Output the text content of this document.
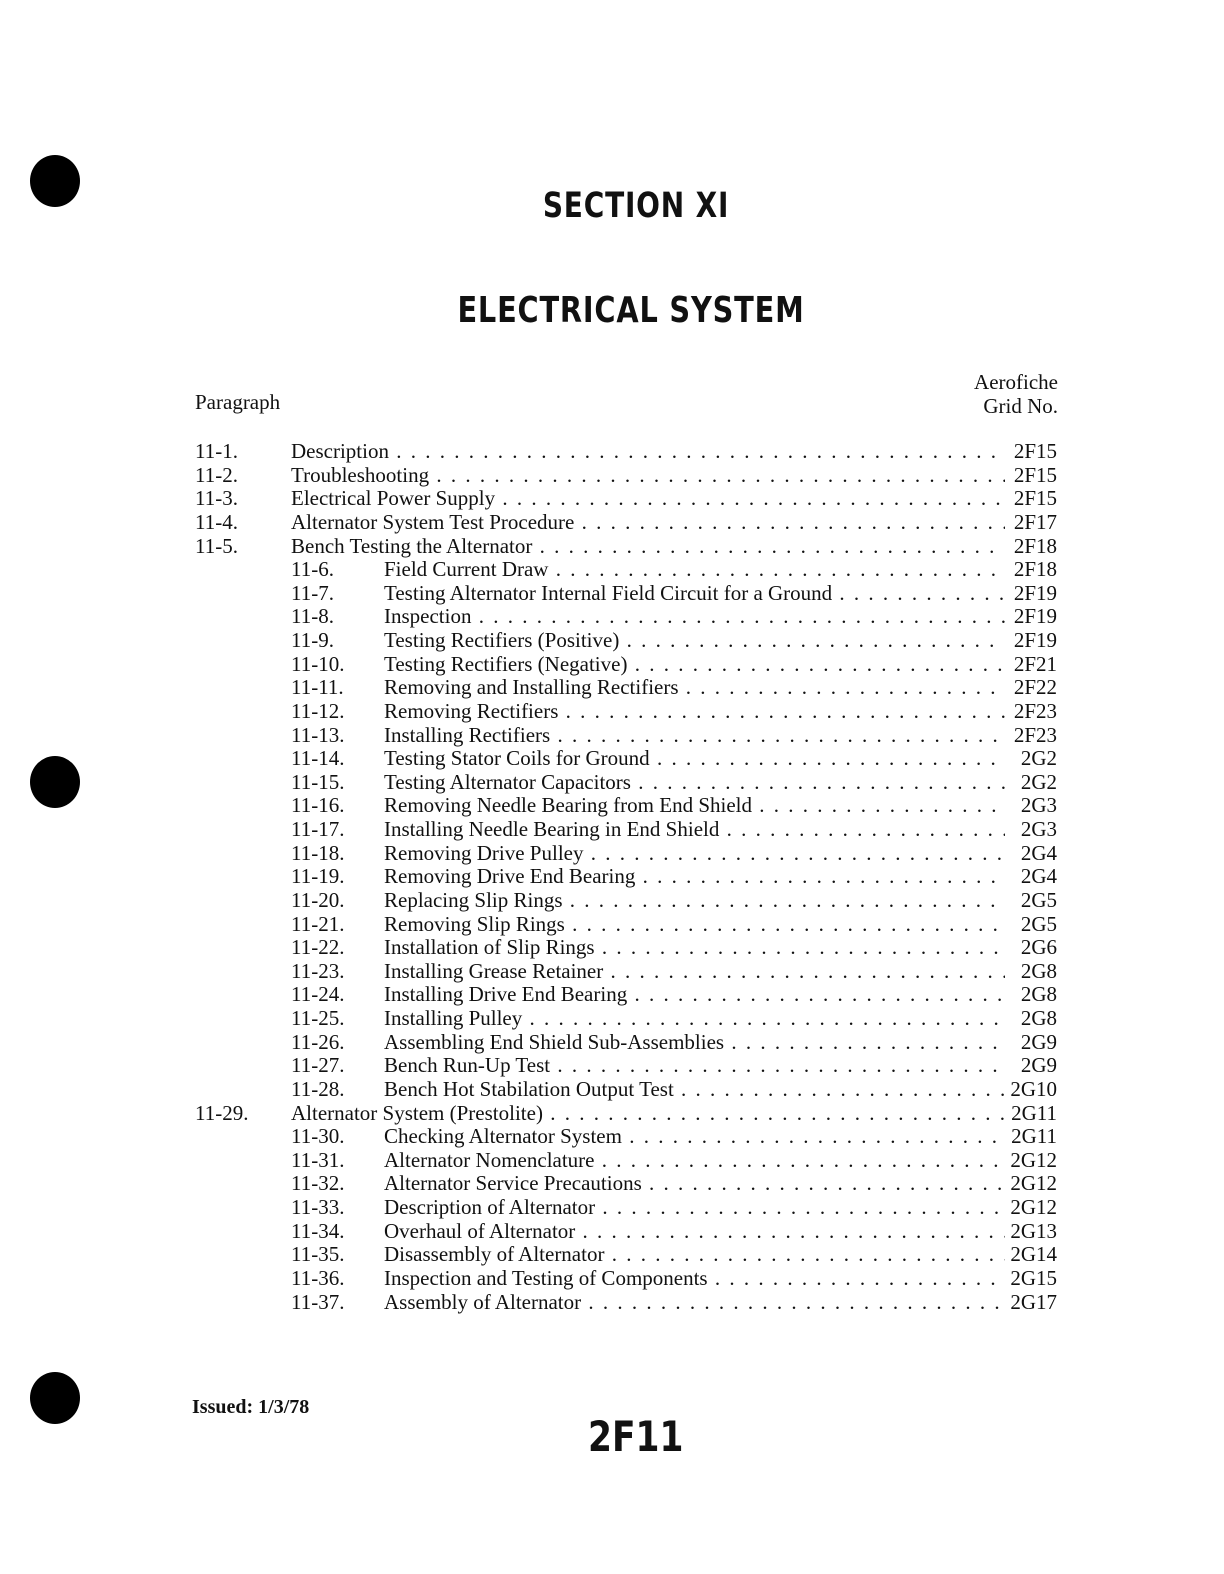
SECTION XI
ELECTRICAL SYSTEM
Paragraph
Aerofiche
Grid No.
11-1.	Description . . .	2F15
11-2.	Troubleshooting . . .	2F15
11-3.	Electrical Power Supply . . .	2F15
11-4.	Alternator System Test Procedure . . .	2F17
11-5.	Bench Testing the Alternator . . .	2F18
11-6. Field Current Draw . . .	2F18
11-7. Testing Alternator Internal Field Circuit for a Ground . . .	2F19
11-8. Inspection . . .	2F19
11-9. Testing Rectifiers (Positive) . . .	2F19
11-10. Testing Rectifiers (Negative) . . .	2F21
11-11. Removing and Installing Rectifiers . . .	2F22
11-12. Removing Rectifiers . . .	2F23
11-13. Installing Rectifiers . . .	2F23
11-14. Testing Stator Coils for Ground . . .	2G2
11-15. Testing Alternator Capacitors . . .	2G2
11-16. Removing Needle Bearing from End Shield . . .	2G3
11-17. Installing Needle Bearing in End Shield . . .	2G3
11-18. Removing Drive Pulley . . .	2G4
11-19. Removing Drive End Bearing . . .	2G4
11-20. Replacing Slip Rings . . .	2G5
11-21. Removing Slip Rings . . .	2G5
11-22. Installation of Slip Rings . . .	2G6
11-23. Installing Grease Retainer . . .	2G8
11-24. Installing Drive End Bearing . . .	2G8
11-25. Installing Pulley . . .	2G8
11-26. Assembling End Shield Sub-Assemblies . . .	2G9
11-27. Bench Run-Up Test . . .	2G9
11-28. Bench Hot Stabilation Output Test . . .	2G10
11-29. Alternator System (Prestolite) . . .	2G11
11-30. Checking Alternator System . . .	2G11
11-31. Alternator Nomenclature . . .	2G12
11-32. Alternator Service Precautions . . .	2G12
11-33. Description of Alternator . . .	2G12
11-34. Overhaul of Alternator . . .	2G13
11-35. Disassembly of Alternator . . .	2G14
11-36. Inspection and Testing of Components . . .	2G15
11-37. Assembly of Alternator . . .	2G17
Issued: 1/3/78
2F11
